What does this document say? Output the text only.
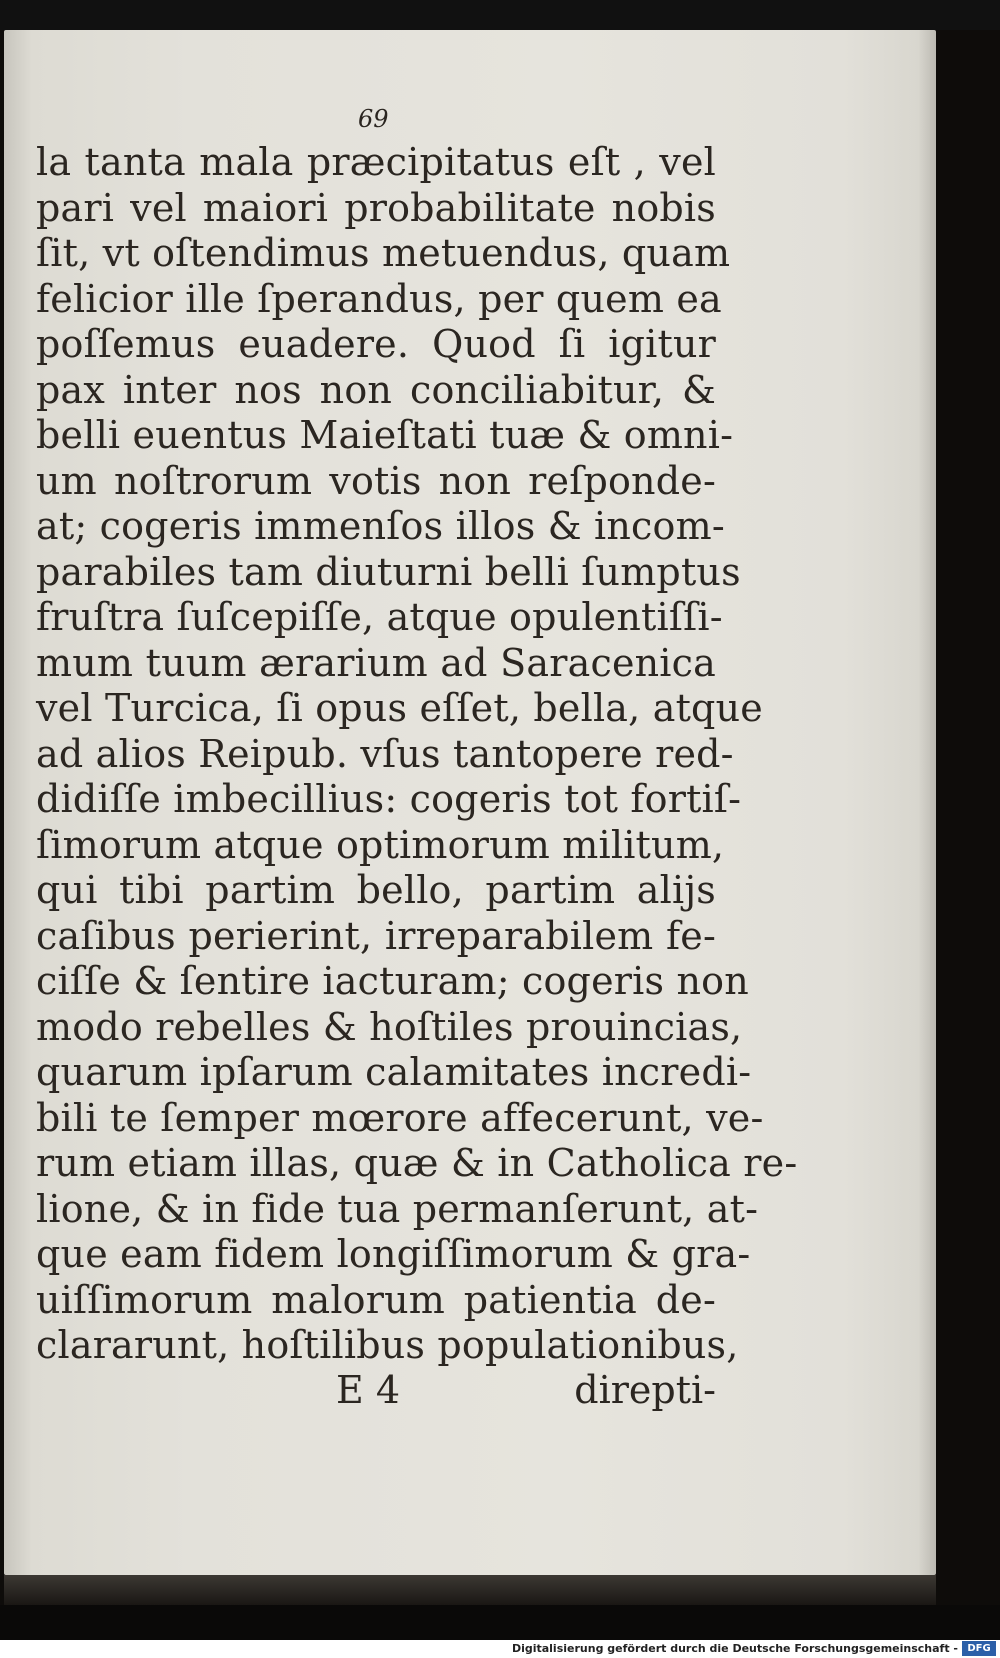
69
la tanta mala præcipitatus eſt , vel
pari vel maiori probabilitate nobis
ſit, vt oſtendimus metuendus, quam
felicior ille ſperandus, per quem ea
poſſemus euadere. Quod ſi igitur
pax inter nos non conciliabitur, &
belli euentus Maieſtati tuæ & omni-
um noſtrorum votis non reſponde-
at; cogeris immenſos illos & incom-
parabiles tam diuturni belli ſumptus
fruſtra ſuſcepiſſe, atque opulentiſſi-
mum tuum ærarium ad Saracenica
vel Turcica, ſi opus eſſet, bella, atque
ad alios Reipub. vſus tantopere red-
didiſſe imbecillius: cogeris tot fortiſ-
ſimorum atque optimorum militum,
qui tibi partim bello, partim alijs
caſibus perierint, irreparabilem fe-
ciſſe & ſentire iacturam; cogeris non
modo rebelles & hoſtiles prouincias,
quarum ipſarum calamitates incredi-
bili te ſemper mœrore affecerunt, ve-
rum etiam illas, quæ & in Catholica re-
lione, & in fide tua permanſerunt, at-
que eam fidem longiſſimorum & gra-
uiſſimorum malorum patientia de-
clararunt, hoſtilibus populationibus,
E 4	direpti-
Digitalisierung gefördert durch die Deutsche Forschungsgemeinschaft - DFG
